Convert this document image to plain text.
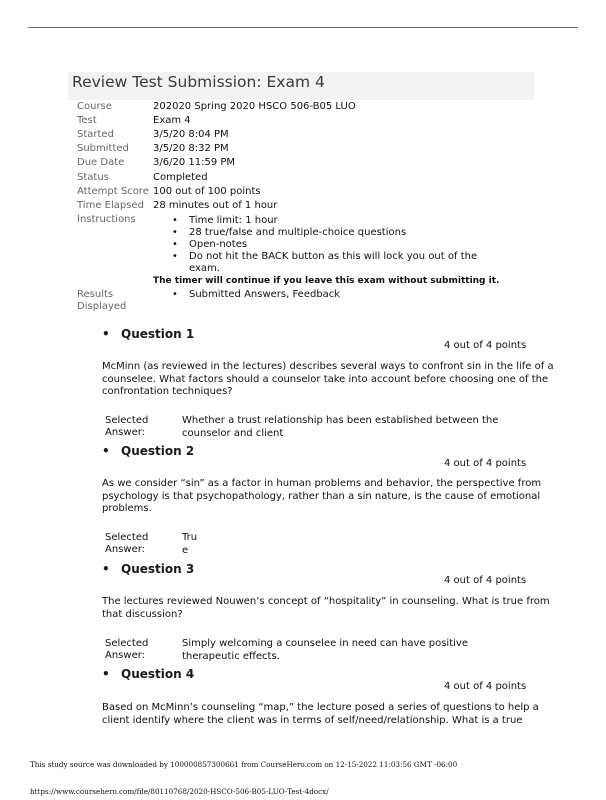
Review Test Submission: Exam 4
Course	202020 Spring 2020 HSCO 506-B05 LUO
Test	Exam 4
Started	3/5/20 8:04 PM
Submitted 3/5/20 8:32 PM
Due Date	3/6/20 11:59 PM
Status	Completed
Attempt Score 100 out of 100 points
Time Elapsed 28 minutes out of 1 hour
Instructions	• Time limit: 1 hour
• 28 true/false and multiple-choice questions
• Open-notes
• Do not hit the BACK button as this will lock you out of the exam.
The timer will continue if you leave this exam without submitting it.
Results
Displayed
• Submitted Answers, Feedback
• Question 1
4 out of 4 points
McMinn (as reviewed in the lectures) describes several ways to confront sin in the life of a counselee. What factors should a counselor take into account before choosing one of the confrontation techniques?
Selected
Answer:
Whether a trust relationship has been established between the counselor and client
• Question 2
4 out of 4 points
As we consider “sin” as a factor in human problems and behavior, the perspective from psychology is that psychopathology, rather than a sin nature, is the cause of emotional problems.
Selected
Answer:
Tru
e
• Question 3
4 out of 4 points
The lectures reviewed Nouwen’s concept of “hospitality” in counseling. What is true from that discussion?
Selected
Answer:
Simply welcoming a counselee in need can have positive therapeutic effects.
• Question 4
4 out of 4 points
Based on McMinn’s counseling “map,” the lecture posed a series of questions to help a client identify where the client was in terms of self/need/relationship. What is a true
This study source was downloaded by 100000857300661 from CourseHero.com on 12-15-2022 11:03:56 GMT -06:00
https://www.coursehero.com/file/80110768/2020-HSCO-506-B05-LUO-Test-4docx/
